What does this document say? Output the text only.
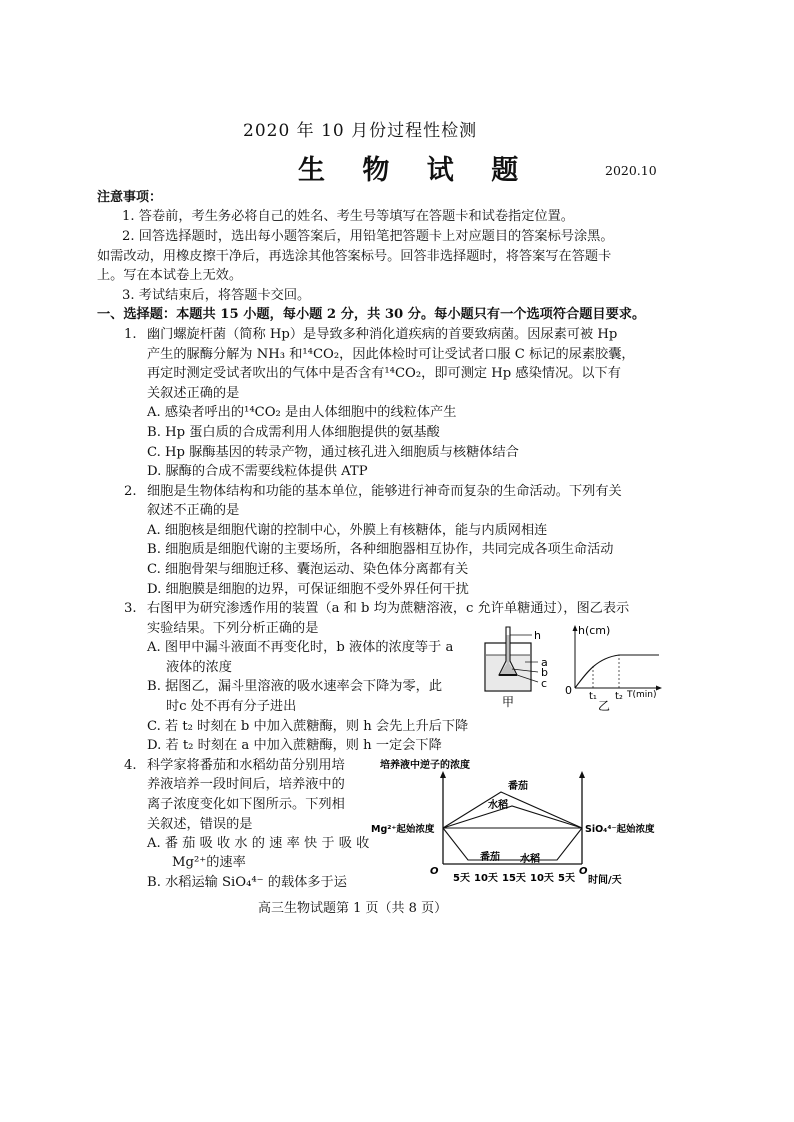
2020 年 10 月份过程性检测
生 物 试 题	2020.10
注意事项：
1. 答卷前，考生务必将自己的姓名、考生号等填写在答题卡和试卷指定位置。
2. 回答选择题时，选出每小题答案后，用铅笔把答题卡上对应题目的答案标号涂黑。
如需改动，用橡皮擦干净后，再选涂其他答案标号。回答非选择题时，将答案写在答题卡
上。写在本试卷上无效。
3. 考试结束后，将答题卡交回。
一、选择题：本题共 15 小题，每小题 2 分，共 30 分。每小题只有一个选项符合题目要求。
1. 幽门螺旋杆菌（简称 Hp）是导致多种消化道疾病的首要致病菌。因尿素可被 Hp
产生的脲酶分解为 NH₃ 和¹⁴CO₂，因此体检时可让受试者口服 C 标记的尿素胶囊，
再定时测定受试者吹出的气体中是否含有¹⁴CO₂，即可测定 Hp 感染情况。以下有
关叙述正确的是
A. 感染者呼出的¹⁴CO₂ 是由人体细胞中的线粒体产生
B. Hp 蛋白质的合成需利用人体细胞提供的氨基酸
C. Hp 脲酶基因的转录产物，通过核孔进入细胞质与核糖体结合
D. 脲酶的合成不需要线粒体提供 ATP
2. 细胞是生物体结构和功能的基本单位，能够进行神奇而复杂的生命活动。下列有关
叙述不正确的是
A. 细胞核是细胞代谢的控制中心，外膜上有核糖体，能与内质网相连
B. 细胞质是细胞代谢的主要场所，各种细胞器相互协作，共同完成各项生命活动
C. 细胞骨架与细胞迁移、囊泡运动、染色体分离都有关
D. 细胞膜是细胞的边界，可保证细胞不受外界任何干扰
3. 右图甲为研究渗透作用的装置（a 和 b 均为蔗糖溶液，c 允许单糖通过），图乙表示
实验结果。下列分析正确的是
A. 图甲中漏斗液面不再变化时，b 液体的浓度等于 a
液体的浓度
B. 据图乙，漏斗里溶液的吸水速率会下降为零，此
时c 处不再有分子进出
C. 若 t₂ 时刻在 b 中加入蔗糖酶，则 h 会先上升后下降
D. 若 t₂ 时刻在 a 中加入蔗糖酶，则 h 一定会下降
h
a
b
c
甲
h(cm)
0 t₁ t₂ T(min)
乙
4. 科学家将番茄和水稻幼苗分别用培
养液培养一段时间后，培养液中的
离子浓度变化如下图所示。下列相
关叙述，错误的是
A. 番 茄 吸 收 水 的 速 率 快 于 吸 收
Mg²⁺的速率
B. 水稻运输 SiO₄⁴⁻ 的载体多于运
培养液中逆子的浓度
5天 10天 15天 10天 5天
O	O
时间/天
Mg²⁺起始浓度	SiO₄⁴⁻起始浓度
番茄
水稻
番茄 水稻
高三生物试题第 1 页（共 8 页）
